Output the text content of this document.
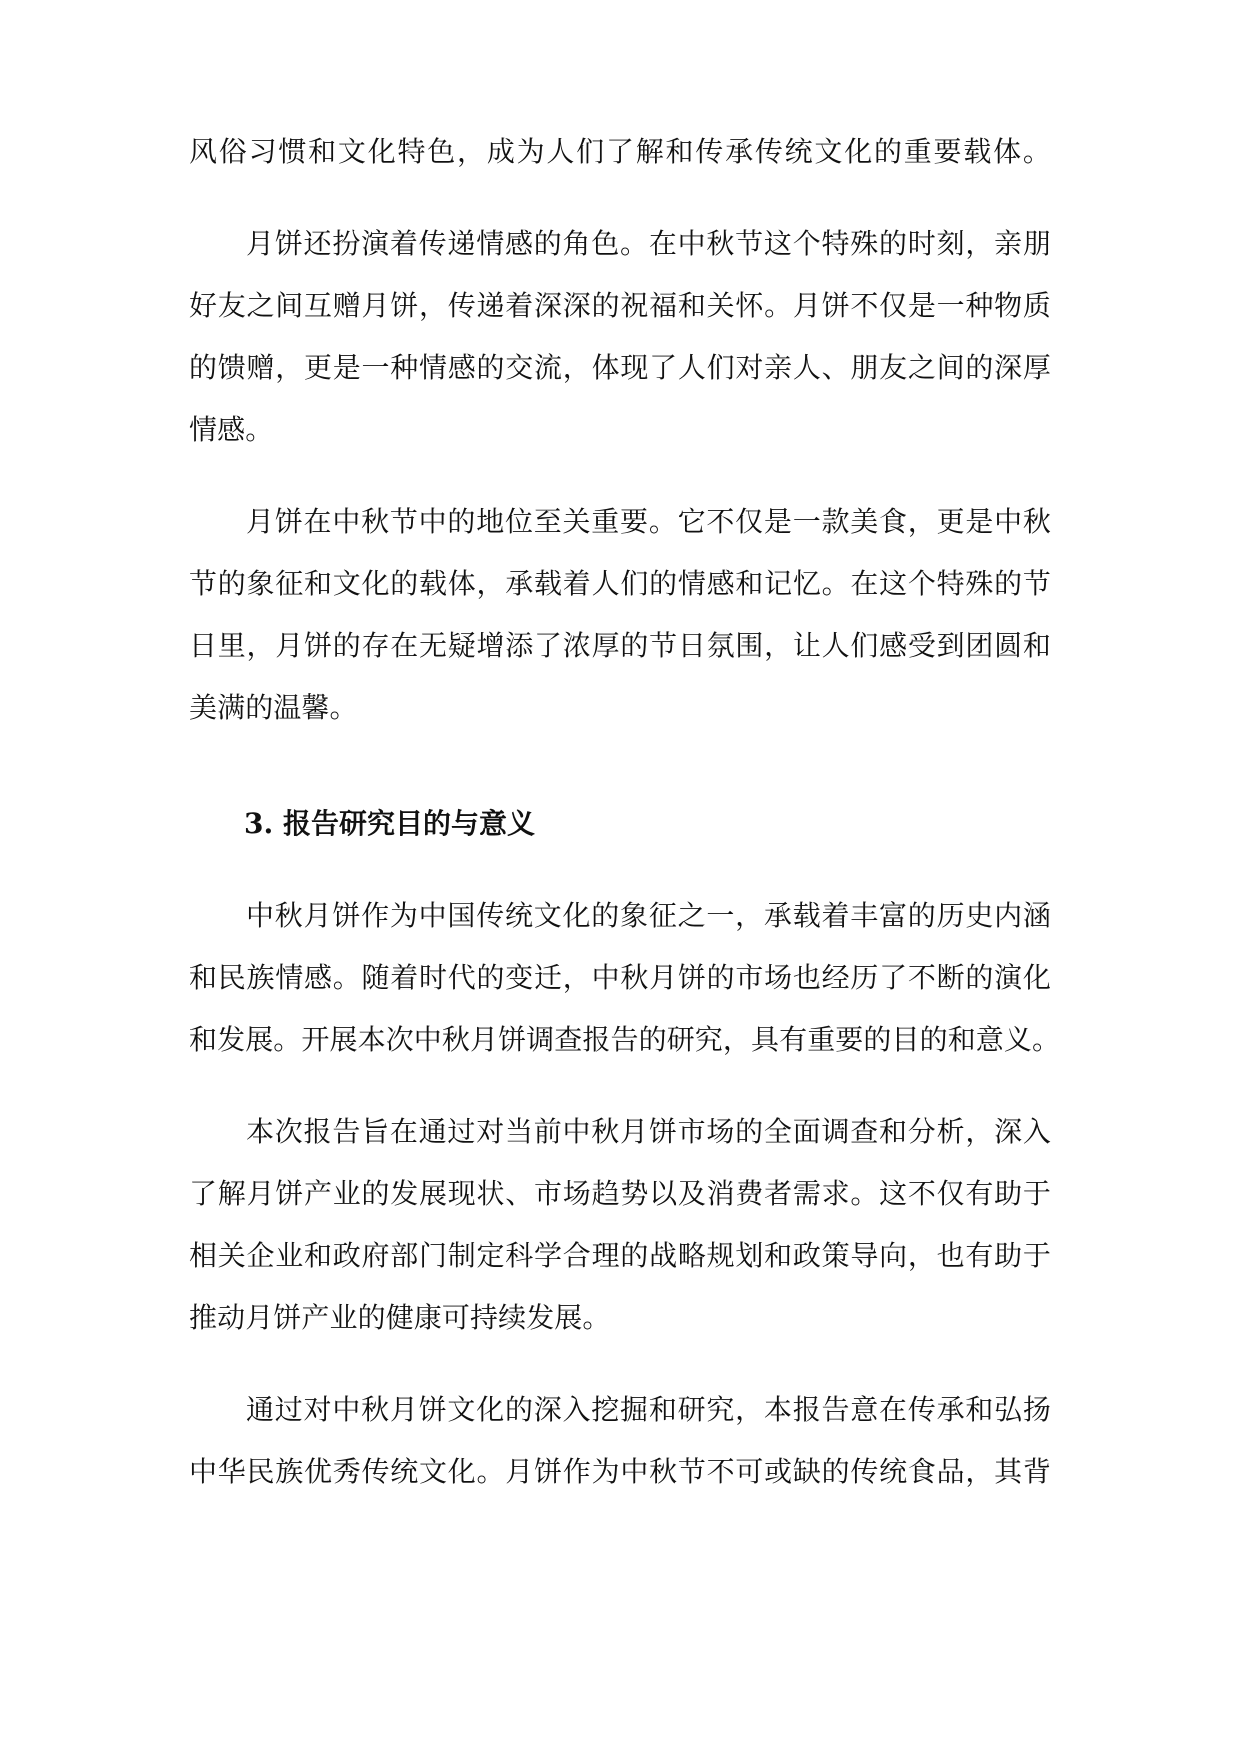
风俗习惯和文化特色，成为人们了解和传承传统文化的重要载体。
月饼还扮演着传递情感的角色。在中秋节这个特殊的时刻，亲朋
好友之间互赠月饼，传递着深深的祝福和关怀。月饼不仅是一种物质
的馈赠，更是一种情感的交流，体现了人们对亲人、朋友之间的深厚
情感。
月饼在中秋节中的地位至关重要。它不仅是一款美食，更是中秋
节的象征和文化的载体，承载着人们的情感和记忆。在这个特殊的节
日里，月饼的存在无疑增添了浓厚的节日氛围，让人们感受到团圆和
美满的温馨。
3. 报告研究目的与意义
中秋月饼作为中国传统文化的象征之一，承载着丰富的历史内涵
和民族情感。随着时代的变迁，中秋月饼的市场也经历了不断的演化
和发展。开展本次中秋月饼调查报告的研究，具有重要的目的和意义。
本次报告旨在通过对当前中秋月饼市场的全面调查和分析，深入
了解月饼产业的发展现状、市场趋势以及消费者需求。这不仅有助于
相关企业和政府部门制定科学合理的战略规划和政策导向，也有助于
推动月饼产业的健康可持续发展。
通过对中秋月饼文化的深入挖掘和研究，本报告意在传承和弘扬
中华民族优秀传统文化。月饼作为中秋节不可或缺的传统食品，其背
